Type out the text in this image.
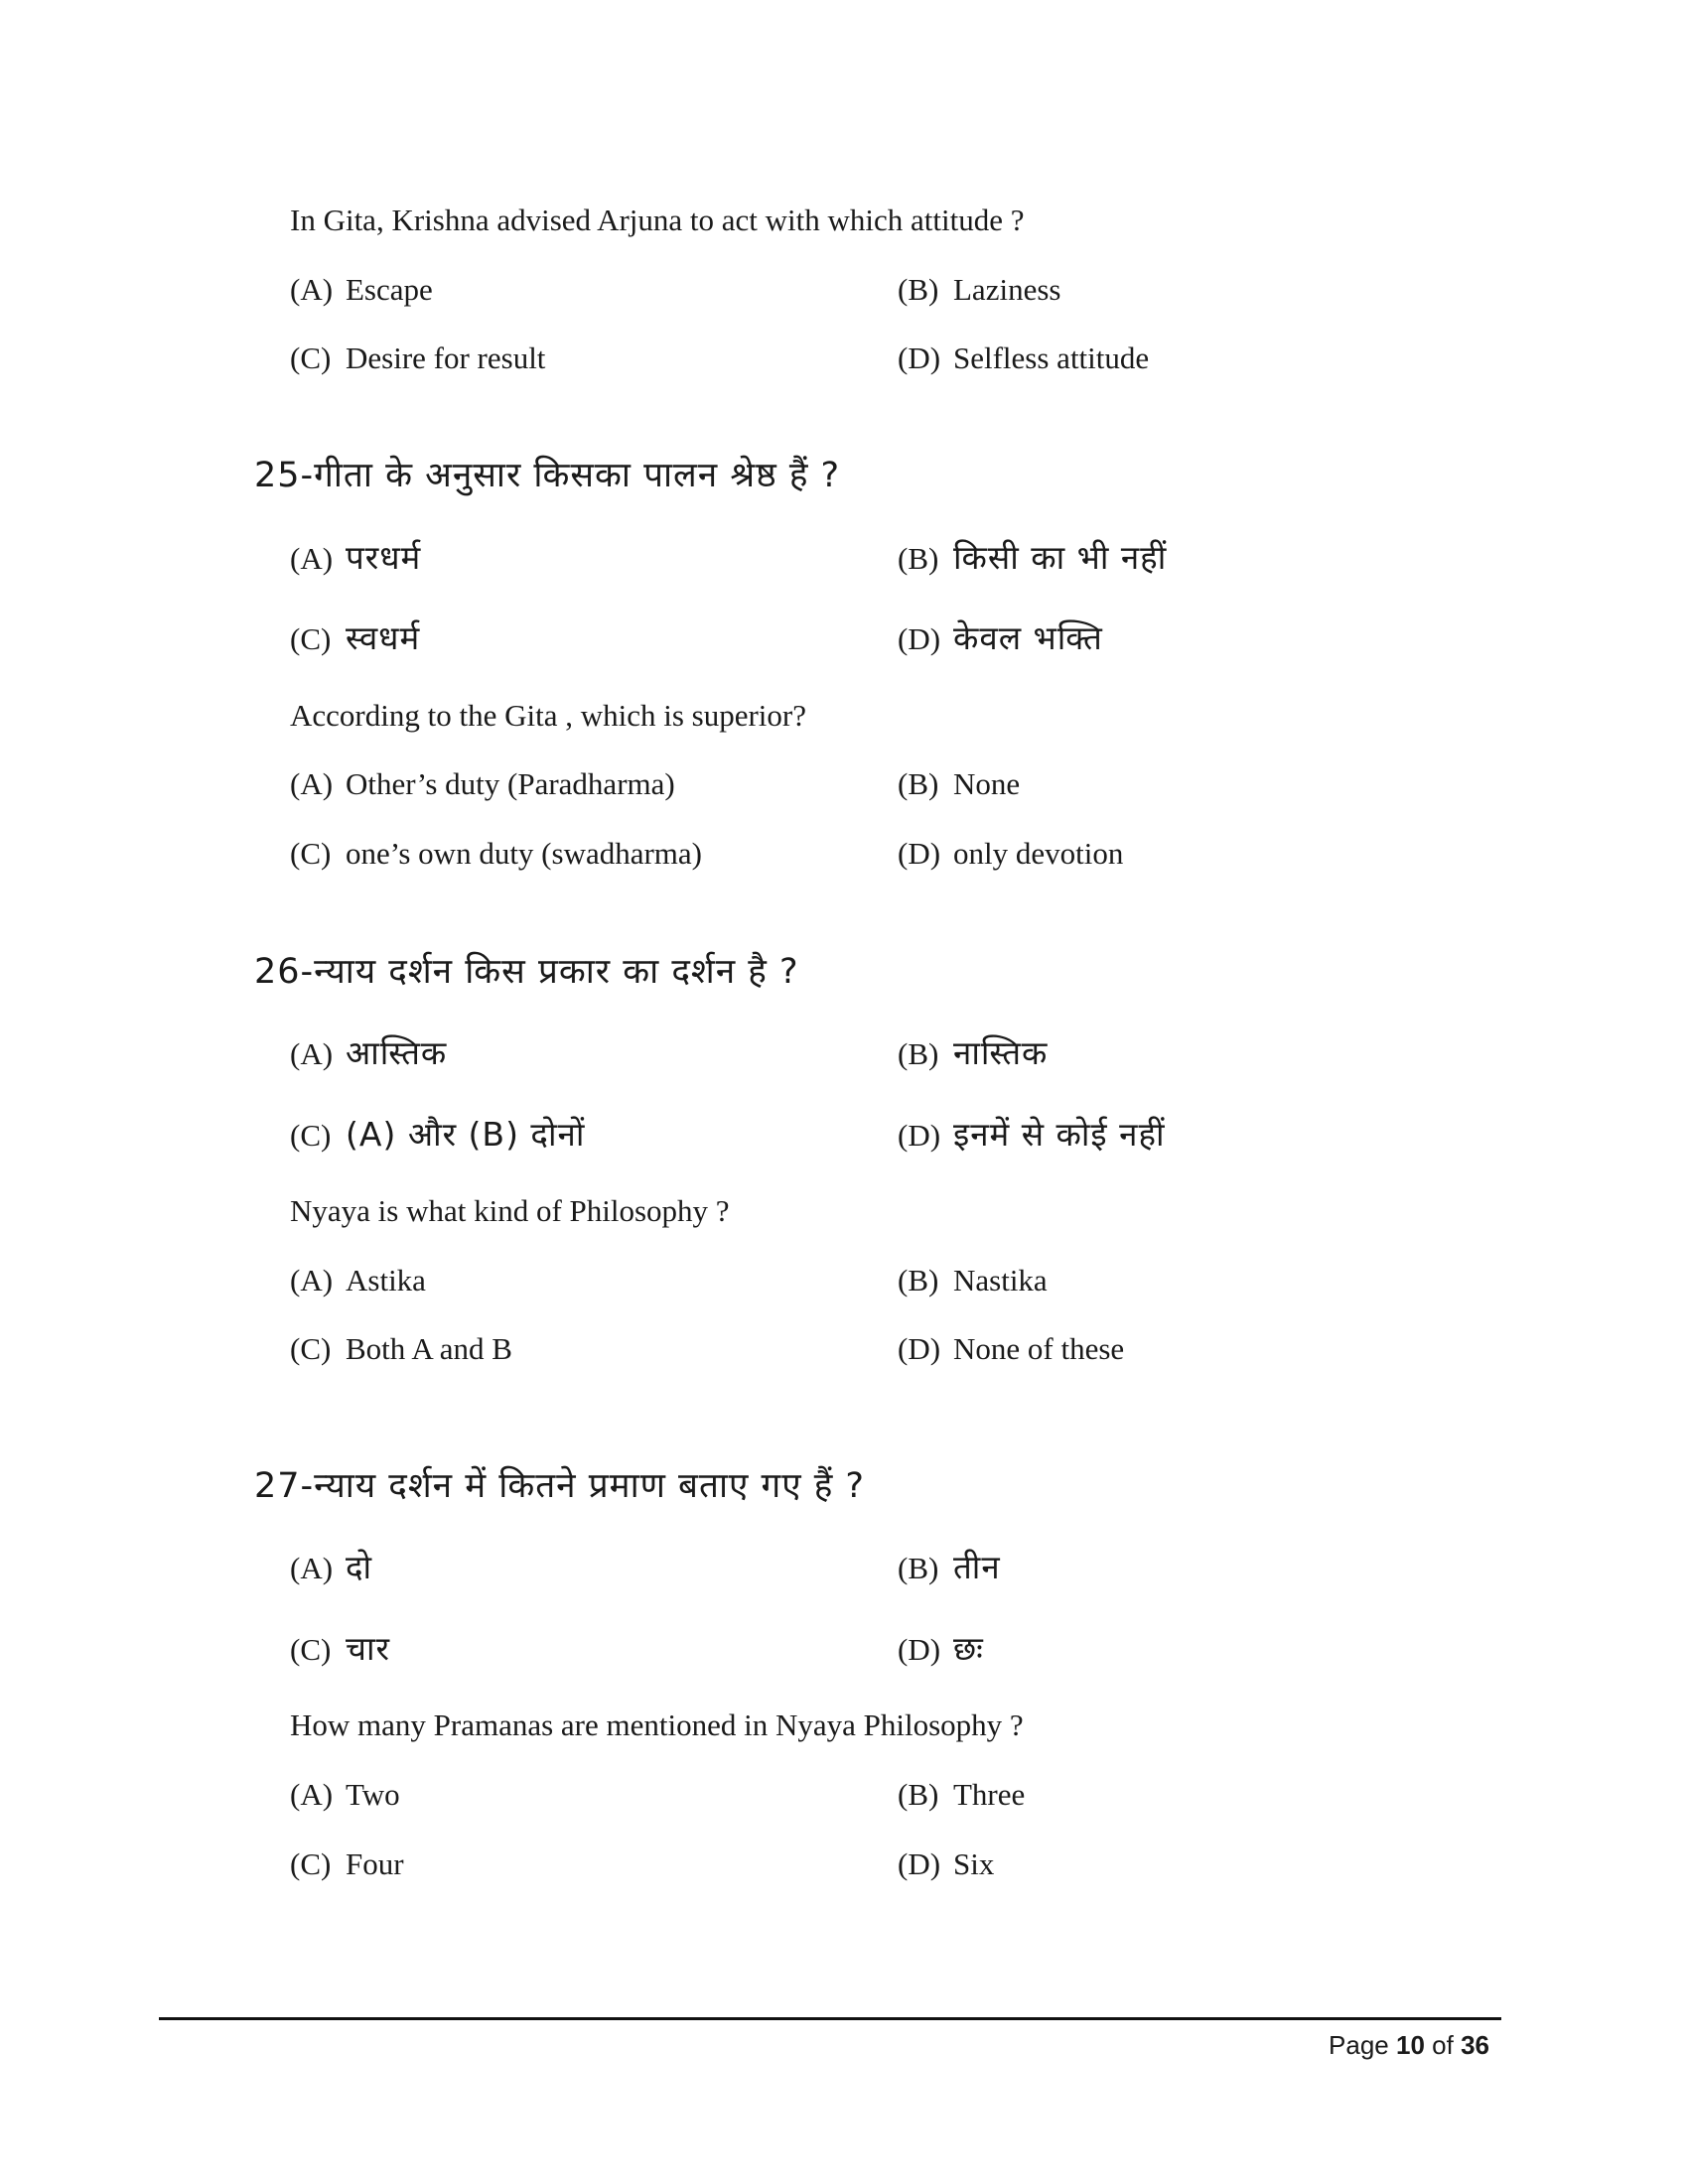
In Gita, Krishna advised Arjuna to act with which attitude ?
(A) Escape	(B) Laziness
(C) Desire for result	(D) Selfless attitude
25-गीता के अनुसार किसका पालन श्रेष्ठ हैं ?
(A) परधर्म	(B) किसी का भी नहीं
(C) स्वधर्म	(D) केवल भक्ति
According to the Gita , which is superior?
(A) Other’s duty (Paradharma)	(B) None
(C) one’s own duty (swadharma)	(D) only devotion
26-न्याय दर्शन किस प्रकार का दर्शन है ?
(A) आस्तिक	(B) नास्तिक
(C) (A) और (B) दोनों	(D) इनमें से कोई नहीं
Nyaya is what kind of Philosophy ?
(A) Astika	(B) Nastika
(C) Both A and B	(D) None of these
27-न्याय दर्शन में कितने प्रमाण बताए गए हैं ?
(A) दो	(B) तीन
(C) चार	(D) छः
How many Pramanas are mentioned in Nyaya Philosophy ?
(A) Two	(B) Three
(C) Four	(D) Six
Page 10 of 36
